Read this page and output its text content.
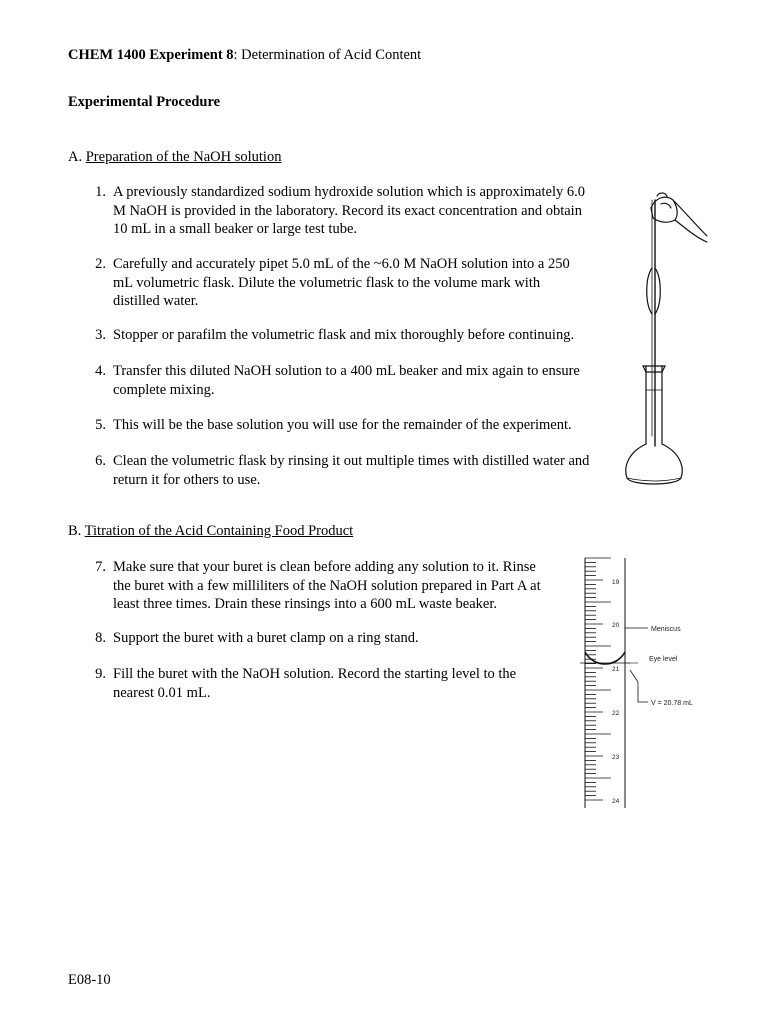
CHEM 1400 Experiment 8: Determination of Acid Content
Experimental Procedure
A. Preparation of the NaOH solution
1. A previously standardized sodium hydroxide solution which is approximately 6.0
M NaOH is provided in the laboratory. Record its exact concentration and obtain
10 mL in a small beaker or large test tube.
2. Carefully and accurately pipet 5.0 mL of the ~6.0 M NaOH solution into a 250
mL volumetric flask. Dilute the volumetric flask to the volume mark with
distilled water.
3. Stopper or parafilm the volumetric flask and mix thoroughly before continuing.
4. Transfer this diluted NaOH solution to a 400 mL beaker and mix again to ensure
complete mixing.
5. This will be the base solution you will use for the remainder of the experiment.
6. Clean the volumetric flask by rinsing it out multiple times with distilled water and
return it for others to use.
B. Titration of the Acid Containing Food Product
7. Make sure that your buret is clean before adding any solution to it. Rinse
the buret with a few milliliters of the NaOH solution prepared in Part A at
least three times. Drain these rinsings into a 600 mL waste beaker.
8. Support the buret with a buret clamp on a ring stand.
9. Fill the buret with the NaOH solution. Record the starting level to the
nearest 0.01 mL.
19
20
21
22
23
24
Meniscus
Eye level
V = 20.78 mL
E08-10
